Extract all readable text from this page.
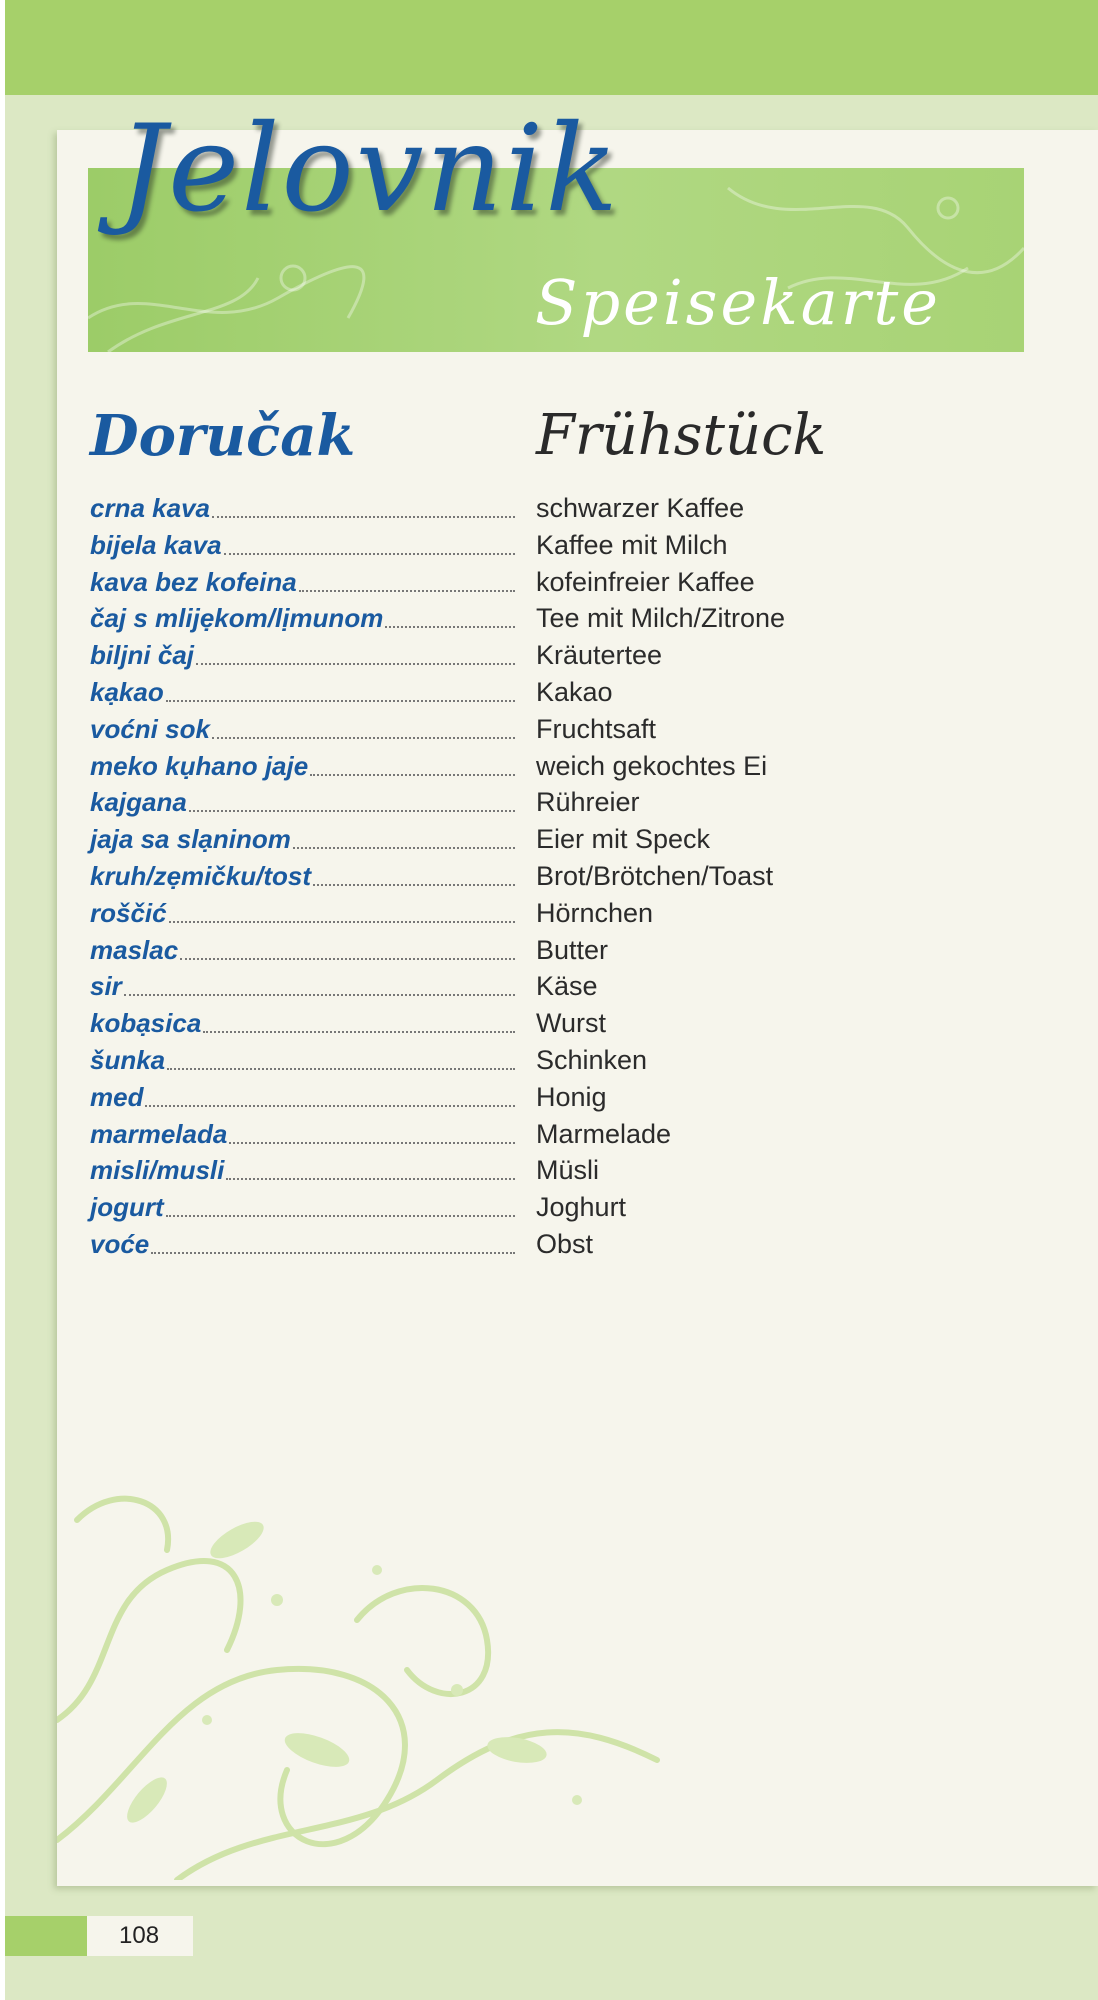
Jelovnik
Speisekarte
Doručak	Frühstück
crna kava	schwarzer Kaffee
bijela kava	Kaffee mit Milch
kava bez kofeina	kofeinfreier Kaffee
čaj s mlijẹkom/lịmunom	Tee mit Milch/Zitrone
biljni čaj	Kräutertee
kạkao	Kakao
voćni sok	Fruchtsaft
meko kụhano jaje	weich gekochtes Ei
kajgana	Rühreier
jaja sa slạninom	Eier mit Speck
kruh/zẹmičku/tost	Brot/Brötchen/Toast
roščić	Hörnchen
maslac	Butter
sir	Käse
kobạsica	Wurst
šunka	Schinken
med	Honig
marmelada	Marmelade
misli/musli	Müsli
jogurt	Joghurt
voće	Obst
108
